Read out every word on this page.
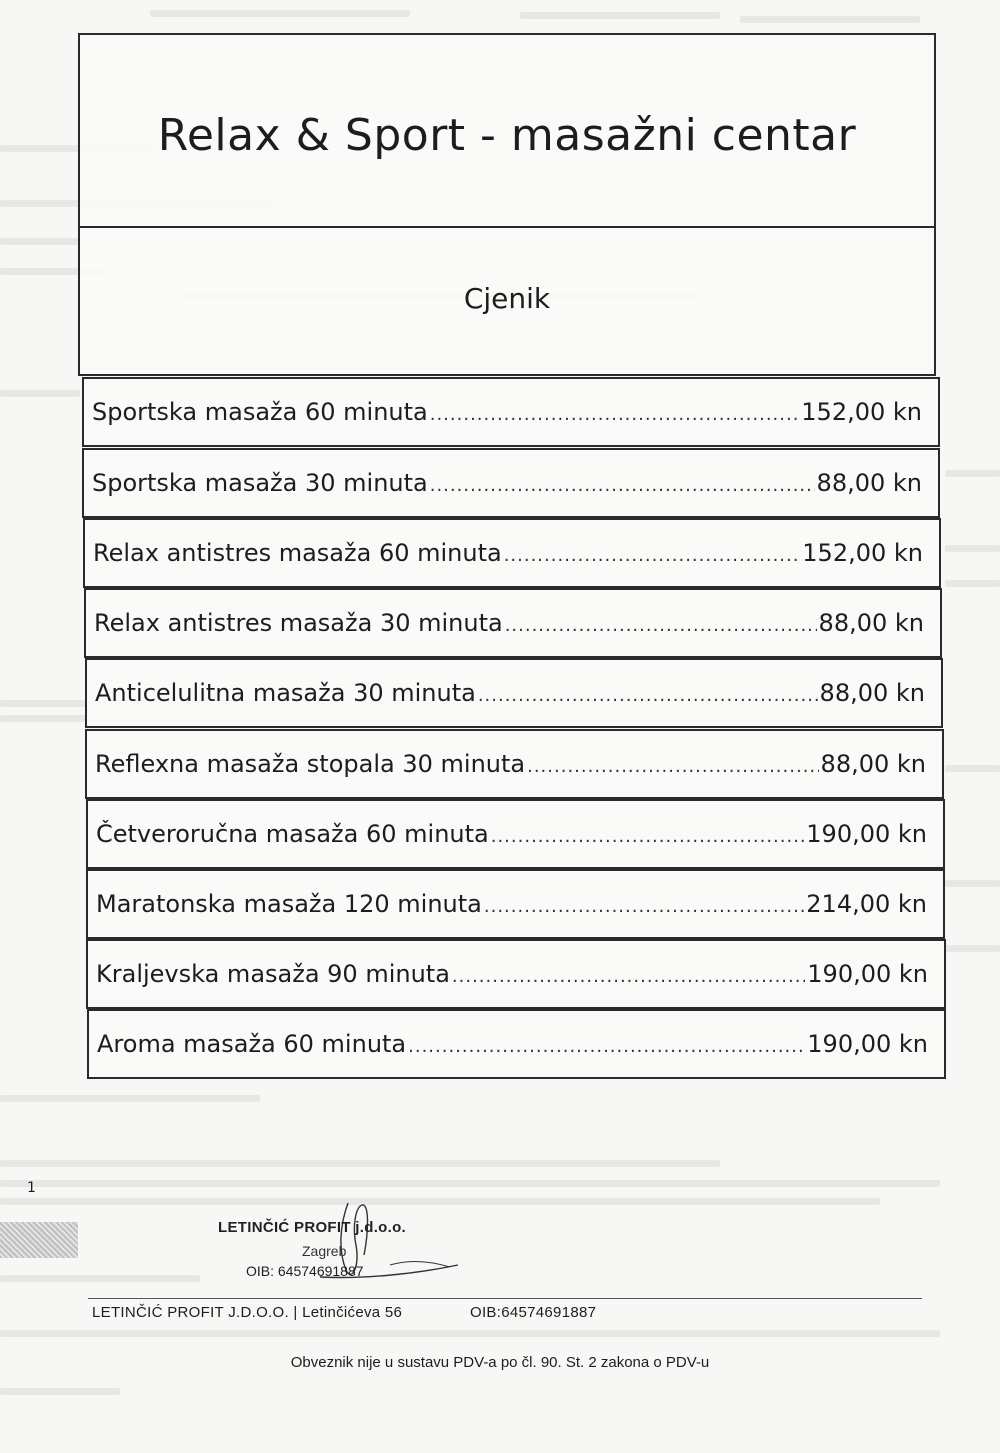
Relax & Sport - masažni centar
Cjenik
Sportska masaža 60 minuta .....	152,00 kn
Sportska masaža 30 minuta .....	88,00 kn
Relax antistres masaža 60 minuta .....	152,00 kn
Relax antistres masaža 30 minuta .....	88,00 kn
Anticelulitna masaža 30 minuta .....	88,00 kn
Reflexna masaža stopala 30 minuta .....	88,00 kn
Četveroručna masaža 60 minuta .....	190,00 kn
Maratonska masaža 120 minuta .....	214,00 kn
Kraljevska masaža 90 minuta .....	190,00 kn
Aroma masaža 60 minuta .....	190,00 kn
1
LETINČIĆ PROFIT j.d.o.o.
Zagreb
OIB: 64574691887
LETINČIĆ PROFIT J.D.O.O. | Letinčićeva 56	OIB:64574691887
Obveznik nije u sustavu PDV-a po čl. 90. St. 2 zakona o PDV-u
